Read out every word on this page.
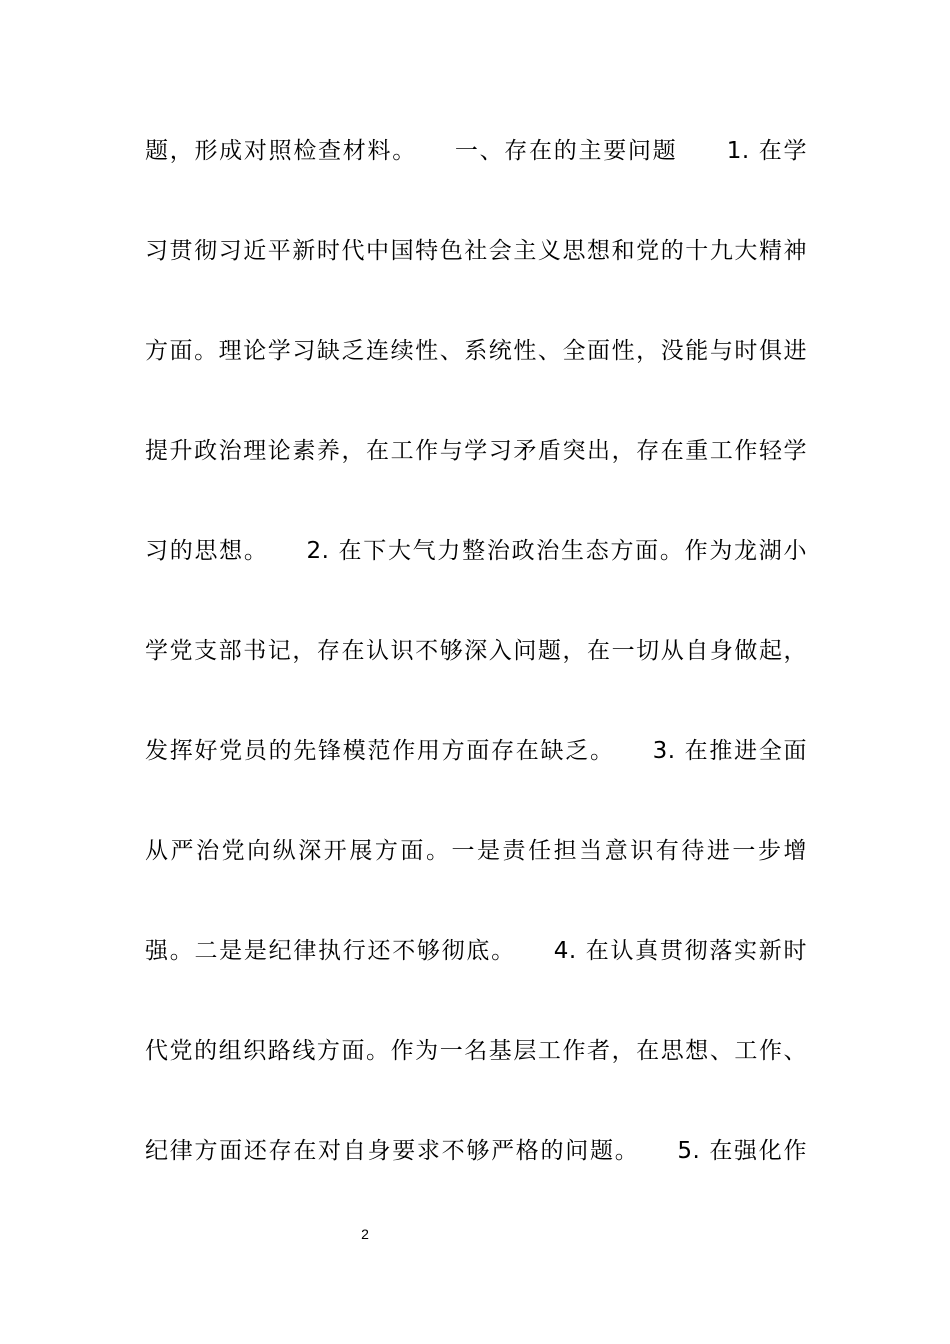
题，形成对照检查材料。　　一、存在的主要问题　　1. 在学
习贯彻习近平新时代中国特色社会主义思想和党的十九大精神
方面。理论学习缺乏连续性、系统性、全面性，没能与时俱进
提升政治理论素养，在工作与学习矛盾突出，存在重工作轻学
习的思想。　　2. 在下大气力整治政治生态方面。作为龙湖小
学党支部书记，存在认识不够深入问题，在一切从自身做起，
发挥好党员的先锋模范作用方面存在缺乏。　　3. 在推进全面
从严治党向纵深开展方面。一是责任担当意识有待进一步增
强。二是是纪律执行还不够彻底。　　4. 在认真贯彻落实新时
代党的组织路线方面。作为一名基层工作者，在思想、工作、
纪律方面还存在对自身要求不够严格的问题。　　5. 在强化作
2
